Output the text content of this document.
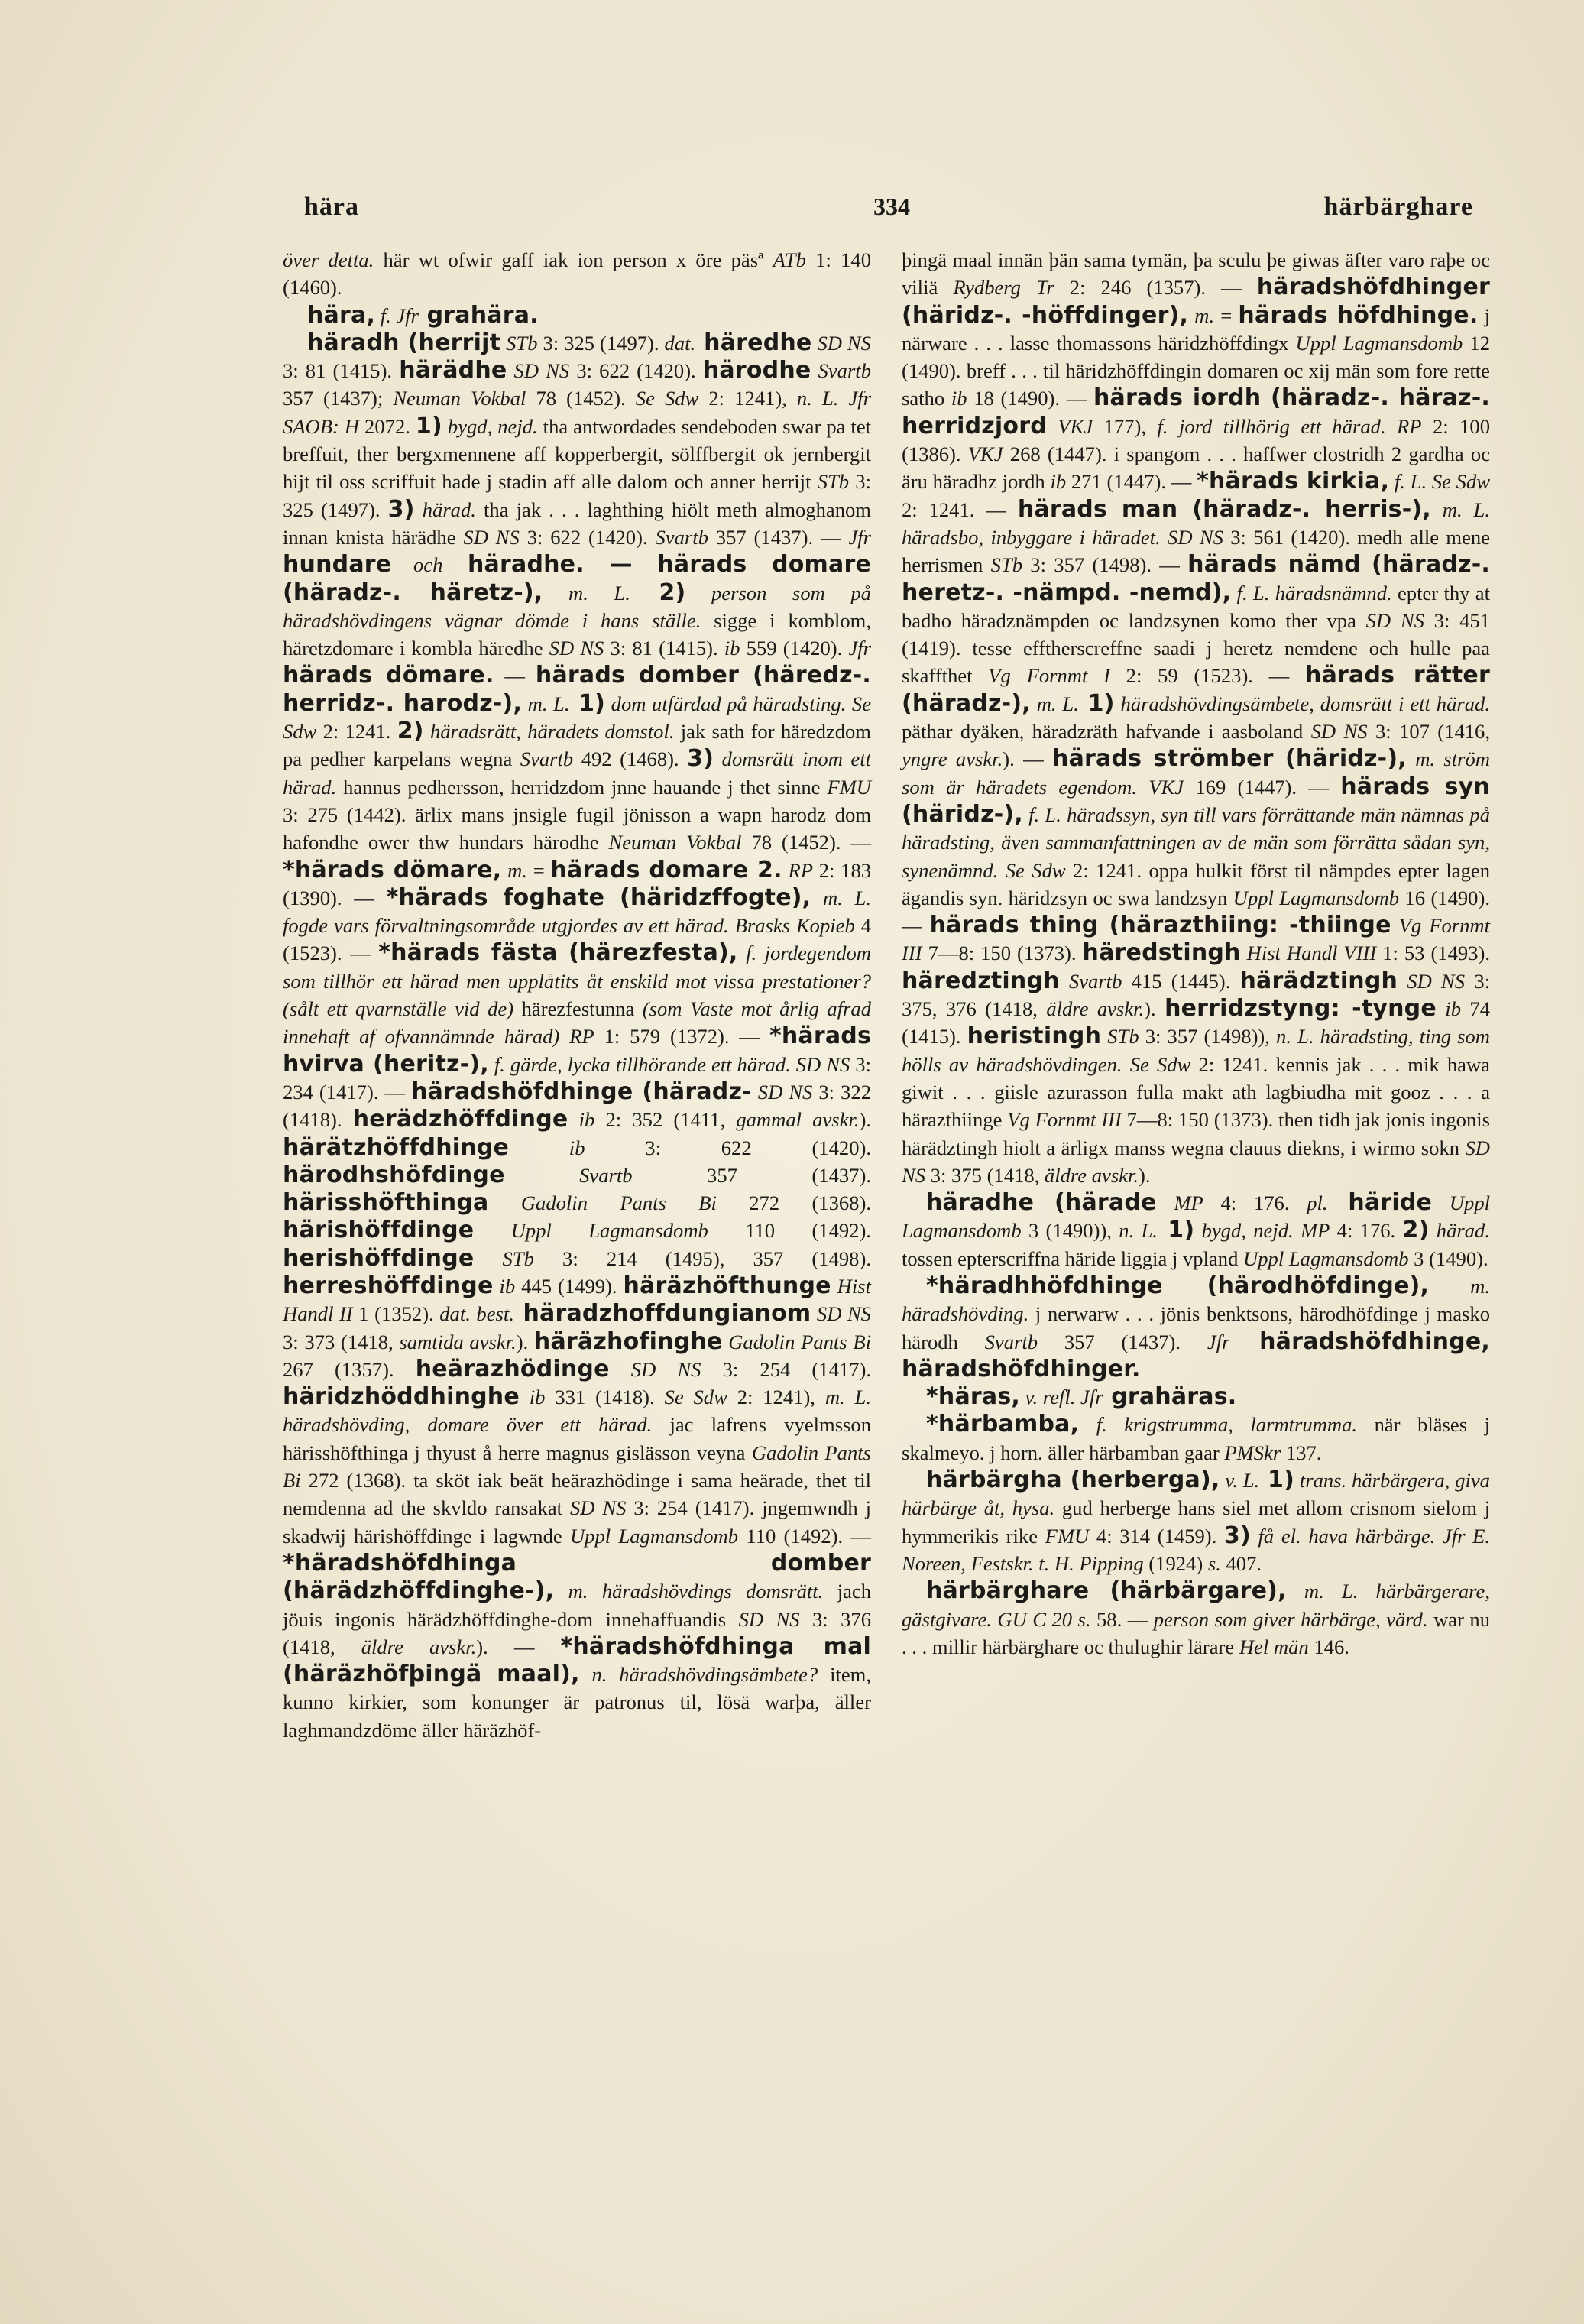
hära	334	härbärghare

över detta. här wt ofwir gaff iak ion person x öre päsª ATb 1: 140 (1460).

hära, f. Jfr grahära.

häradh (herrijt STb 3: 325 (1497). dat. häredhe SD NS 3: 81 (1415). härädhe SD NS 3: 622 (1420). härodhe Svartb 357 (1437); Neuman Vokbal 78 (1452). Se Sdw 2: 1241), n. L. Jfr SAOB: H 2072. 1) bygd, nejd. tha antwordades sendeboden swar pa tet breffuit, ther bergxmennene aff kopperbergit, sölffbergit ok jernbergit hijt til oss scriffuit hade j stadin aff alle dalom och anner herrijt STb 3: 325 (1497). 3) härad. tha jak . . . laghthing hiölt meth almoghanom innan knista härädhe SD NS 3: 622 (1420). Svartb 357 (1437). — Jfr hundare och häradhe. — härads domare (häradz-. häretz-), m. L. 2) person som på häradshövdingens vägnar dömde i hans ställe. sigge i komblom, häretzdomare i kombla häredhe SD NS 3: 81 (1415). ib 559 (1420). Jfr härads dömare. — härads domber (häredz-. herridz-. harodz-), m. L. 1) dom utfärdad på häradsting. Se Sdw 2: 1241. 2) häradsrätt, häradets domstol. jak sath for häredzdom pa pedher karpelans wegna Svartb 492 (1468). 3) domsrätt inom ett härad. hannus pedhersson, herridzdom jnne hauande j thet sinne FMU 3: 275 (1442). ärlix mans jnsigle fugil jönisson a wapn harodz dom hafondhe ower thw hundars härodhe Neuman Vokbal 78 (1452). — *härads dömare, m. = härads domare 2. RP 2: 183 (1390). — *härads foghate (häridzffogte), m. L. fogde vars förvaltningsområde utgjordes av ett härad. Brasks Kopieb 4 (1523). — *härads fästa (härezfesta), f. jordegendom som tillhör ett härad men upplåtits åt enskild mot vissa prestationer? (sålt ett qvarnställe vid de) härezfestunna (som Vaste mot årlig afrad innehaft af ofvannämnde härad) RP 1: 579 (1372). — *härads hvirva (heritz-), f. gärde, lycka tillhörande ett härad. SD NS 3: 234 (1417). — häradshöfdhinge (häradz- SD NS 3: 322 (1418). herädzhöffdinge ib 2: 352 (1411, gammal avskr.). härätzhöffdhinge ib 3: 622 (1420). härodhshöfdinge Svartb 357 (1437). härisshöfthinga Gadolin Pants Bi 272 (1368). härishöffdinge Uppl Lagmansdomb 110 (1492). herishöffdinge STb 3: 214 (1495), 357 (1498). herreshöffdinge ib 445 (1499). häräzhöfthunge Hist Handl II 1 (1352). dat. best. häradzhoffdungianom SD NS 3: 373 (1418, samtida avskr.). häräzhofinghe Gadolin Pants Bi 267 (1357). heärazhödinge SD NS 3: 254 (1417). häridzhöddhinghe ib 331 (1418). Se Sdw 2: 1241), m. L. häradshövding, domare över ett härad. jac lafrens vyelmsson härisshöfthinga j thyust å herre magnus gislässon veyna Gadolin Pants Bi 272 (1368). ta sköt iak beät heärazhödinge i sama heärade, thet til nemdenna ad the skvldo ransakat SD NS 3: 254 (1417). jngemwndh j skadwij härishöffdinge i lagwnde Uppl Lagmansdomb 110 (1492). — *häradshöfdhinga domber (härädzhöffdinghe-), m. häradshövdings domsrätt. jach jöuis ingonis härädzhöffdinghe-dom innehaffuandis SD NS 3: 376 (1418, äldre avskr.). — *häradshöfdhinga mal (häräzhöfþingä maal), n. häradshövdingsämbete? item, kunno kirkier, som konunger är patronus til, lösä warþa, äller laghmandzdöme äller häräzhöf-

þingä maal innän þän sama tymän, þa sculu þe giwas äfter varo raþe oc viliä Rydberg Tr 2: 246 (1357). — häradshöfdhinger (häridz-. -höffdinger), m. = härads höfdhinge. j närware . . . lasse thomassons häridzhöffdingx Uppl Lagmansdomb 12 (1490). breff . . . til häridzhöffdingin domaren oc xij män som fore rette satho ib 18 (1490). — härads iordh (häradz-. häraz-. herridzjord VKJ 177), f. jord tillhörig ett härad. RP 2: 100 (1386). VKJ 268 (1447). i spangom . . . haffwer clostridh 2 gardha oc äru häradhz jordh ib 271 (1447). — *härads kirkia, f. L. Se Sdw 2: 1241. — härads man (häradz-. herris-), m. L. häradsbo, inbyggare i häradet. SD NS 3: 561 (1420). medh alle mene herrismen STb 3: 357 (1498). — härads nämd (häradz-. heretz-. -nämpd. -nemd), f. L. häradsnämnd. epter thy at badho häradznämpden oc landzsynen komo ther vpa SD NS 3: 451 (1419). tesse efftherscreffne saadi j heretz nemdene och hulle paa skaffthet Vg Fornmt I 2: 59 (1523). — härads rätter (häradz-), m. L. 1) häradshövdingsämbete, domsrätt i ett härad. päthar dyäken, häradzräth hafvande i aasboland SD NS 3: 107 (1416, yngre avskr.). — härads strömber (häridz-), m. ström som är häradets egendom. VKJ 169 (1447). — härads syn (häridz-), f. L. häradssyn, syn till vars förrättande män nämnas på häradsting, även sammanfattningen av de män som förrätta sådan syn, synenämnd. Se Sdw 2: 1241. oppa hulkit först til nämpdes epter lagen ägandis syn. häridzsyn oc swa landzsyn Uppl Lagmansdomb 16 (1490). — härads thing (härazthiing: -thiinge Vg Fornmt III 7—8: 150 (1373). häredstingh Hist Handl VIII 1: 53 (1493). häredztingh Svartb 415 (1445). härädztingh SD NS 3: 375, 376 (1418, äldre avskr.). herridzstyng: -tynge ib 74 (1415). heristingh STb 3: 357 (1498)), n. L. häradsting, ting som hölls av häradshövdingen. Se Sdw 2: 1241. kennis jak . . . mik hawa giwit . . . giisle azurasson fulla makt ath lagbiudha mit gooz . . . a härazthiinge Vg Fornmt III 7—8: 150 (1373). then tidh jak jonis ingonis härädztingh hiolt a ärligx manss wegna clauus diekns, i wirmo sokn SD NS 3: 375 (1418, äldre avskr.).

häradhe (härade MP 4: 176. pl. häride Uppl Lagmansdomb 3 (1490)), n. L. 1) bygd, nejd. MP 4: 176. 2) härad. tossen epterscriffna häride liggia j vpland Uppl Lagmansdomb 3 (1490).

*häradhhöfdhinge (härodhöfdinge), m. häradshövding. j nerwarw . . . jönis benktsons, härodhöfdinge j masko härodh Svartb 357 (1437). Jfr häradshöfdhinge, häradshöfdhinger.

*häras, v. refl. Jfr grahäras.

*härbamba, f. krigstrumma, larmtrumma. när bläses j skalmeyo. j horn. äller härbamban gaar PMSkr 137.

härbärgha (herberga), v. L. 1) trans. härbärgera, giva härbärge åt, hysa. gud herberge hans siel met allom crisnom sielom j hymmerikis rike FMU 4: 314 (1459). 3) få el. hava härbärge. Jfr E. Noreen, Festskr. t. H. Pipping (1924) s. 407.

härbärghare (härbärgare), m. L. härbärgerare, gästgivare. GU C 20 s. 58. — person som giver härbärge, värd. war nu . . . millir härbärghare oc thulughir lärare Hel män 146.
